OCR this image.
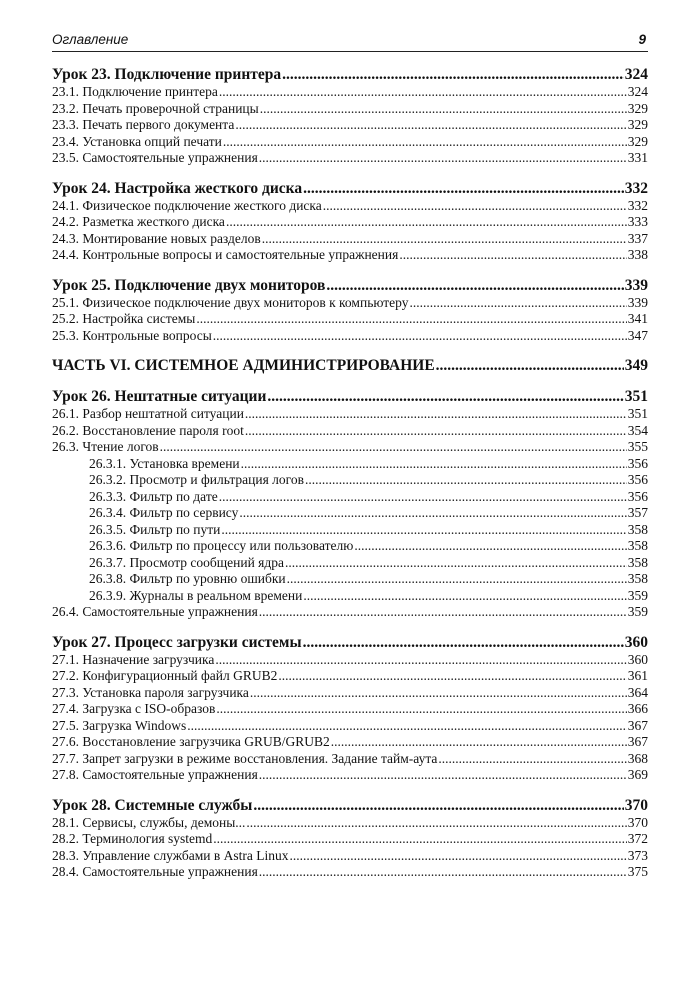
Оглавление	9
Урок 23. Подключение принтера .....	324
23.1. Подключение принтера .....	324
23.2. Печать проверочной страницы .....	329
23.3. Печать первого документа .....	329
23.4. Установка опций печати .....	329
23.5. Самостоятельные упражнения .....	331
Урок 24. Настройка жесткого диска .....	332
24.1. Физическое подключение жесткого диска .....	332
24.2. Разметка жесткого диска .....	333
24.3. Монтирование новых разделов .....	337
24.4. Контрольные вопросы и самостоятельные упражнения .....	338
Урок 25. Подключение двух мониторов .....	339
25.1. Физическое подключение двух мониторов к компьютеру .....	339
25.2. Настройка системы .....	341
25.3. Контрольные вопросы .....	347
ЧАСТЬ VI. СИСТЕМНОЕ АДМИНИСТРИРОВАНИЕ .....	349
Урок 26. Нештатные ситуации .....	351
26.1. Разбор нештатной ситуации .....	351
26.2. Восстановление пароля root .....	354
26.3. Чтение логов .....	355
26.3.1. Установка времени .....	356
26.3.2. Просмотр и фильтрация логов .....	356
26.3.3. Фильтр по дате .....	356
26.3.4. Фильтр по сервису .....	357
26.3.5. Фильтр по пути .....	358
26.3.6. Фильтр по процессу или пользователю .....	358
26.3.7. Просмотр сообщений ядра .....	358
26.3.8. Фильтр по уровню ошибки .....	358
26.3.9. Журналы в реальном времени .....	359
26.4. Самостоятельные упражнения .....	359
Урок 27. Процесс загрузки системы .....	360
27.1. Назначение загрузчика .....	360
27.2. Конфигурационный файл GRUB2 .....	361
27.3. Установка пароля загрузчика .....	364
27.4. Загрузка с ISO-образов .....	366
27.5. Загрузка Windows .....	367
27.6. Восстановление загрузчика GRUB/GRUB2 .....	367
27.7. Запрет загрузки в режиме восстановления. Задание тайм-аута .....	368
27.8. Самостоятельные упражнения .....	369
Урок 28. Системные службы .....	370
28.1. Сервисы, службы, демоны... .....	370
28.2. Терминология systemd .....	372
28.3. Управление службами в Astra Linux .....	373
28.4. Самостоятельные упражнения .....	375
